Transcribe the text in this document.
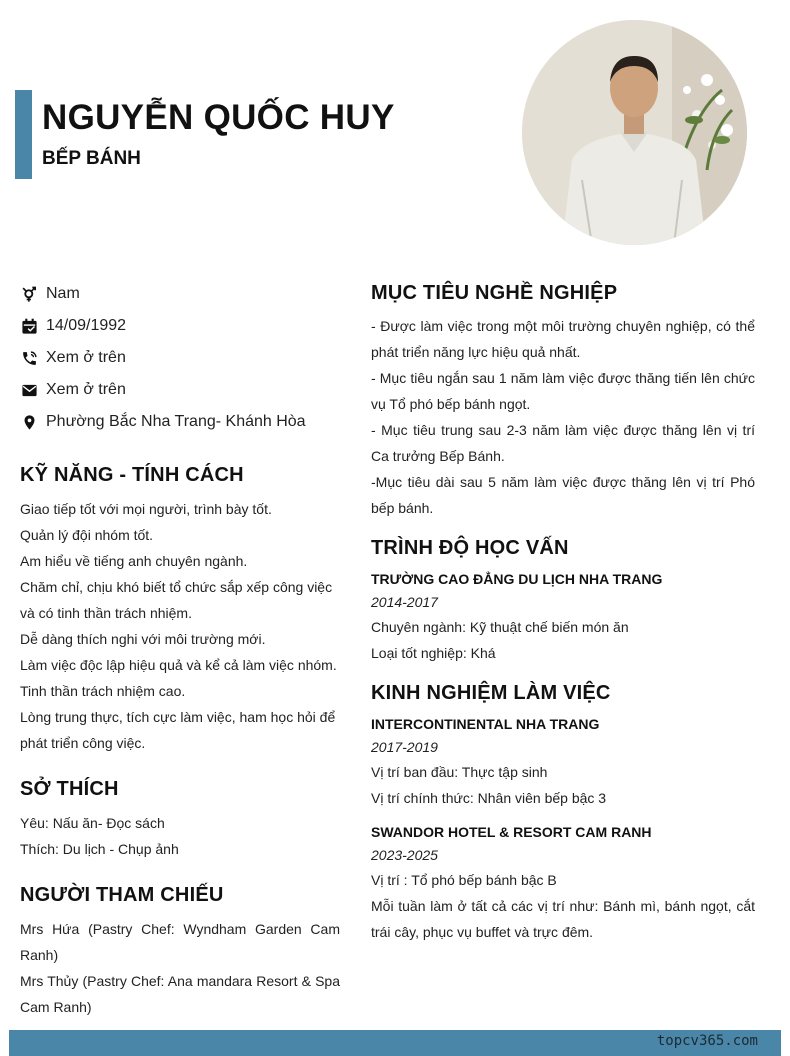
NGUYỄN QUỐC HUY
BẾP BÁNH
Nam
14/09/1992
Xem ở trên
Xem ở trên
Phường Bắc Nha Trang- Khánh Hòa
KỸ NĂNG - TÍNH CÁCH
Giao tiếp tốt với mọi người, trình bày tốt.
Quản lý đội nhóm tốt.
Am hiểu về tiếng anh chuyên ngành.
Chăm chỉ, chịu khó biết tổ chức sắp xếp công việc và có tinh thần trách nhiệm.
Dễ dàng thích nghi với môi trường mới.
Làm việc độc lập hiệu quả và kể cả làm việc nhóm.
Tinh thần trách nhiệm cao.
Lòng trung thực, tích cực làm việc, ham học hỏi để phát triển công việc.
SỞ THÍCH
Yêu: Nấu ăn- Đọc sách
Thích: Du lịch - Chụp ảnh
NGƯỜI THAM CHIẾU
Mrs Hứa (Pastry Chef: Wyndham Garden Cam Ranh)
Mrs Thủy (Pastry Chef: Ana mandara Resort & Spa Cam Ranh)
MỤC TIÊU NGHỀ NGHIỆP
- Được làm việc trong một môi trường chuyên nghiệp, có thể phát triển năng lực hiệu quả nhất.
- Mục tiêu ngắn sau 1 năm làm việc được thăng tiến lên chức vụ Tổ phó bếp bánh ngọt.
- Mục tiêu trung sau 2-3 năm làm việc được thăng lên vị trí Ca trưởng Bếp Bánh.
-Mục tiêu dài sau 5 năm làm việc được thăng lên vị trí Phó bếp bánh.
TRÌNH ĐỘ HỌC VẤN
TRƯỜNG CAO ĐẲNG DU LỊCH NHA TRANG
2014-2017
Chuyên ngành: Kỹ thuật chế biến món ăn
Loại tốt nghiệp: Khá
KINH NGHIỆM LÀM VIỆC
INTERCONTINENTAL NHA TRANG
2017-2019
Vị trí ban đầu: Thực tập sinh
Vị trí chính thức: Nhân viên bếp bậc 3
SWANDOR HOTEL & RESORT CAM RANH
2023-2025
Vị trí : Tổ phó bếp bánh bậc B
Mỗi tuần làm ở tất cả các vị trí như: Bánh mì, bánh ngọt, cắt trái cây, phục vụ buffet và trực đêm.
topcv365.com
